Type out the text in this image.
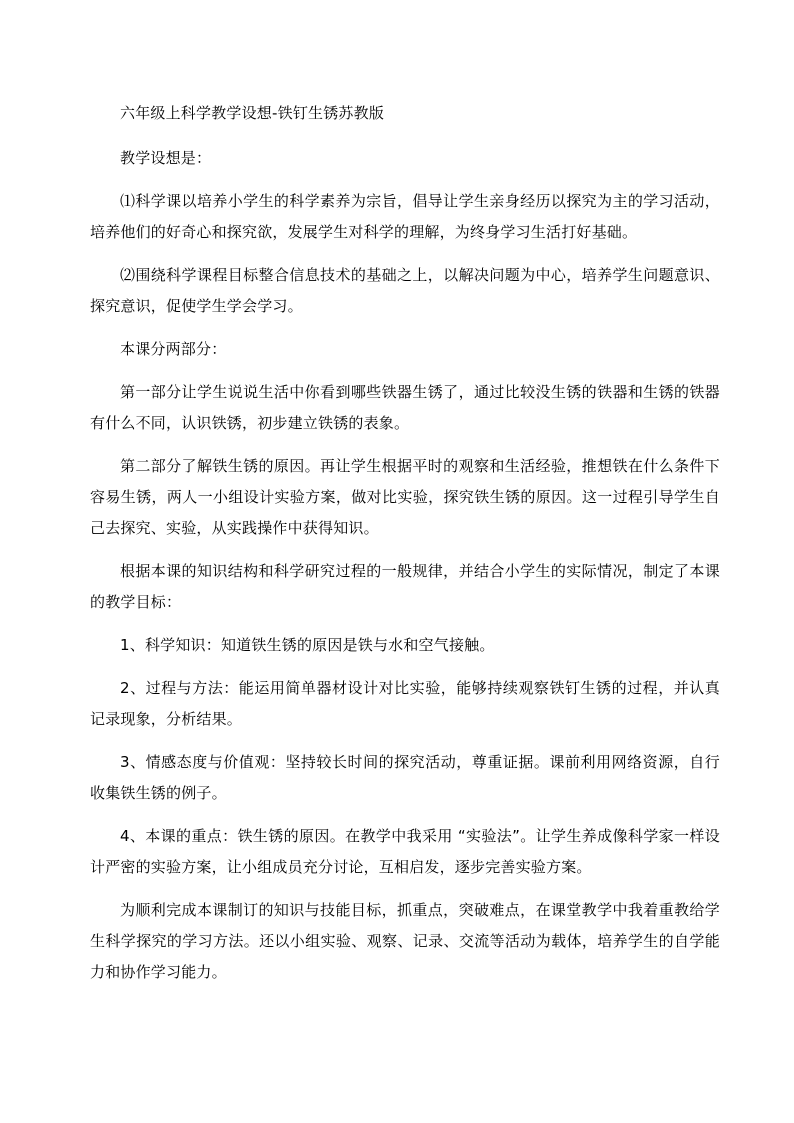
六年级上科学教学设想-铁钉生锈苏教版

教学设想是：

⑴科学课以培养小学生的科学素养为宗旨，倡导让学生亲身经历以探究为主的学习活动，培养他们的好奇心和探究欲，发展学生对科学的理解，为终身学习生活打好基础。

⑵围绕科学课程目标整合信息技术的基础之上，以解决问题为中心，培养学生问题意识、探究意识，促使学生学会学习。

本课分两部分：

第一部分让学生说说生活中你看到哪些铁器生锈了，通过比较没生锈的铁器和生锈的铁器有什么不同，认识铁锈，初步建立铁锈的表象。

第二部分了解铁生锈的原因。再让学生根据平时的观察和生活经验，推想铁在什么条件下容易生锈，两人一小组设计实验方案，做对比实验，探究铁生锈的原因。这一过程引导学生自己去探究、实验，从实践操作中获得知识。

根据本课的知识结构和科学研究过程的一般规律，并结合小学生的实际情况，制定了本课的教学目标：

1、科学知识：知道铁生锈的原因是铁与水和空气接触。

2、过程与方法：能运用简单器材设计对比实验，能够持续观察铁钉生锈的过程，并认真记录现象，分析结果。

3、情感态度与价值观：坚持较长时间的探究活动，尊重证据。课前利用网络资源，自行收集铁生锈的例子。

4、本课的重点：铁生锈的原因。在教学中我采用 “实验法”。让学生养成像科学家一样设计严密的实验方案，让小组成员充分讨论，互相启发，逐步完善实验方案。

为顺利完成本课制订的知识与技能目标，抓重点，突破难点，在课堂教学中我着重教给学生科学探究的学习方法。还以小组实验、观察、记录、交流等活动为载体，培养学生的自学能力和协作学习能力。
